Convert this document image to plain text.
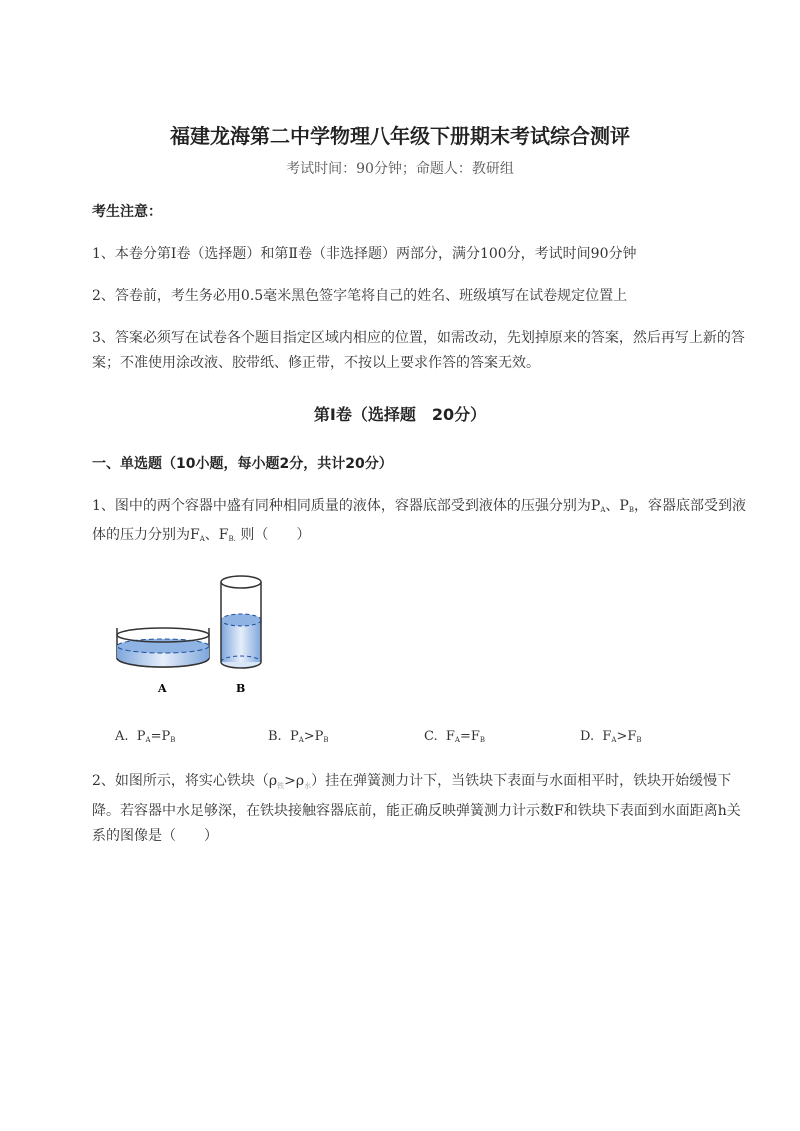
福建龙海第二中学物理八年级下册期末考试综合测评
考试时间：90分钟；命题人：教研组
考生注意：
1、本卷分第I卷（选择题）和第Ⅱ卷（非选择题）两部分，满分100分，考试时间90分钟
2、答卷前，考生务必用0.5毫米黑色签字笔将自己的姓名、班级填写在试卷规定位置上
3、答案必须写在试卷各个题目指定区域内相应的位置，如需改动，先划掉原来的答案，然后再写上新的答案；不准使用涂改液、胶带纸、修正带，不按以上要求作答的答案无效。
第I卷（选择题　20分）
一、单选题（10小题，每小题2分，共计20分）
1、图中的两个容器中盛有同种相同质量的液体，容器底部受到液体的压强分别为$P_A$、$P_B$，容器底部受到液体的压力分别为$F_A$、$F_{B.}$ 则（　　）
A	B
A. $P_A=P_B$	B. $P_A>P_B$	C. $F_A=F_B$	D. $F_A>F_B$
2、如图所示，将实心铁块$(\rho_铁>\rho_水)$挂在弹簧测力计下，当铁块下表面与水面相平时，铁块开始缓慢下降。若容器中水足够深，在铁块接触容器底前，能正确反映弹簧测力计示数F和铁块下表面到水面距离h关系的图像是（　　）
